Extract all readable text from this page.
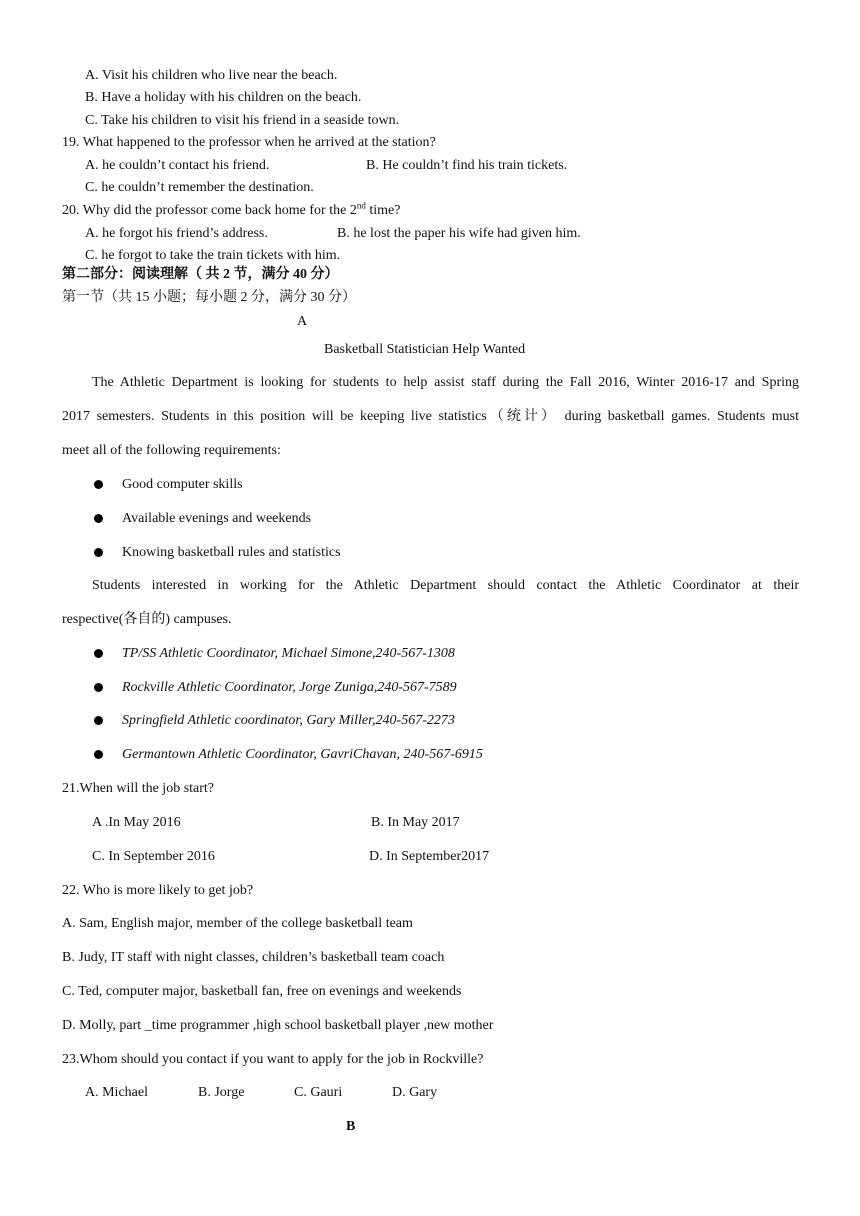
A. Visit his children who live near the beach.
B. Have a holiday with his children on the beach.
C. Take his children to visit his friend in a seaside town.
19. What happened to the professor when he arrived at the station?
A. he couldn’t contact his friend.	B. He couldn’t find his train tickets.
C. he couldn’t remember the destination.
20. Why did the professor come back home for the 2nd time?
A. he forgot his friend’s address.	B. he lost the paper his wife had given him.
C. he forgot to take the train tickets with him.
第二部分：阅读理解（ 共 2 节，满分 40 分）
第一节（共 15 小题；每小题 2 分，满分 30 分）
A
Basketball Statistician Help Wanted
The Athletic Department is looking for students to help assist staff during the Fall 2016, Winter 2016-17 and Spring
2017 semesters. Students in this position will be keeping live statistics（统计） during basketball games. Students must
meet all of the following requirements:
Good computer skills
Available evenings and weekends
Knowing basketball rules and statistics
Students interested in working for the Athletic Department should contact the Athletic Coordinator at their
respective(各自的) campuses.
TP/SS Athletic Coordinator, Michael Simone,240-567-1308
Rockville Athletic Coordinator, Jorge Zuniga,240-567-7589
Springfield Athletic coordinator, Gary Miller,240-567-2273
Germantown Athletic Coordinator, GavriChavan, 240-567-6915
21.When will the job start?
A .In May 2016	B. In May 2017
C. In September 2016	D. In September2017
22. Who is more likely to get job?
A. Sam, English major, member of the college basketball team
B. Judy, IT staff with night classes, children’s basketball team coach
C. Ted, computer major, basketball fan, free on evenings and weekends
D. Molly, part _time programmer ,high school basketball player ,new mother
23.Whom should you contact if you want to apply for the job in Rockville?
A. Michael	B. Jorge	C. Gauri	D. Gary
B
